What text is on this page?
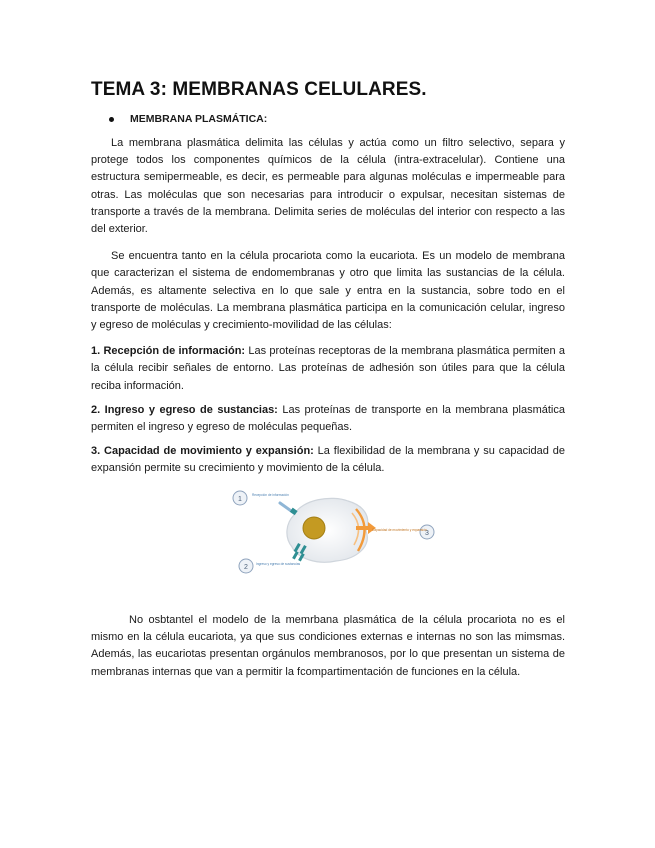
TEMA 3: MEMBRANAS CELULARES.
MEMBRANA PLASMÁTICA:

La membrana plasmática delimita las células y actúa como un filtro selectivo, separa y protege todos los componentes químicos de la célula (intra-extracelular). Contiene una estructura semipermeable, es decir, es permeable para algunas moléculas e impermeable para otras. Las moléculas que son necesarias para introducir o expulsar, necesitan sistemas de transporte a través de la membrana. Delimita series de moléculas del interior con respecto a las del exterior.

Se encuentra tanto en la célula procariota como la eucariota. Es un modelo de membrana que caracterizan el sistema de endomembranas y otro que limita las sustancias de la célula. Además, es altamente selectiva en lo que sale y entra en la sustancia, sobre todo en el transporte de moléculas. La membrana plasmática participa en la comunicación celular, ingreso y egreso de moléculas y crecimiento-movilidad de las células:

1. Recepción de información: Las proteínas receptoras de la membrana plasmática permiten a la célula recibir señales de entorno. Las proteínas de adhesión son útiles para que la célula reciba información.

2. Ingreso y egreso de sustancias: Las proteínas de transporte en la membrana plasmática permiten el ingreso y egreso de moléculas pequeñas.

3. Capacidad de movimiento y expansión: La flexibilidad de la membrana y su capacidad de expansión permite su crecimiento y movimiento de la célula.

1
2
3
Recepción de información
Ingreso y egreso de sustancias
Capacidad de movimiento y expansión

No osbtantel el modelo de la memrbana plasmática de la célula procariota no es el mismo en la célula eucariota, ya que sus condiciones externas e internas no son las mimsmas. Además, las eucariotas presentan orgánulos membranosos, por lo que presentan un sistema de membranas internas que van a permitir la fcompartimentación de funciones en la célula.
